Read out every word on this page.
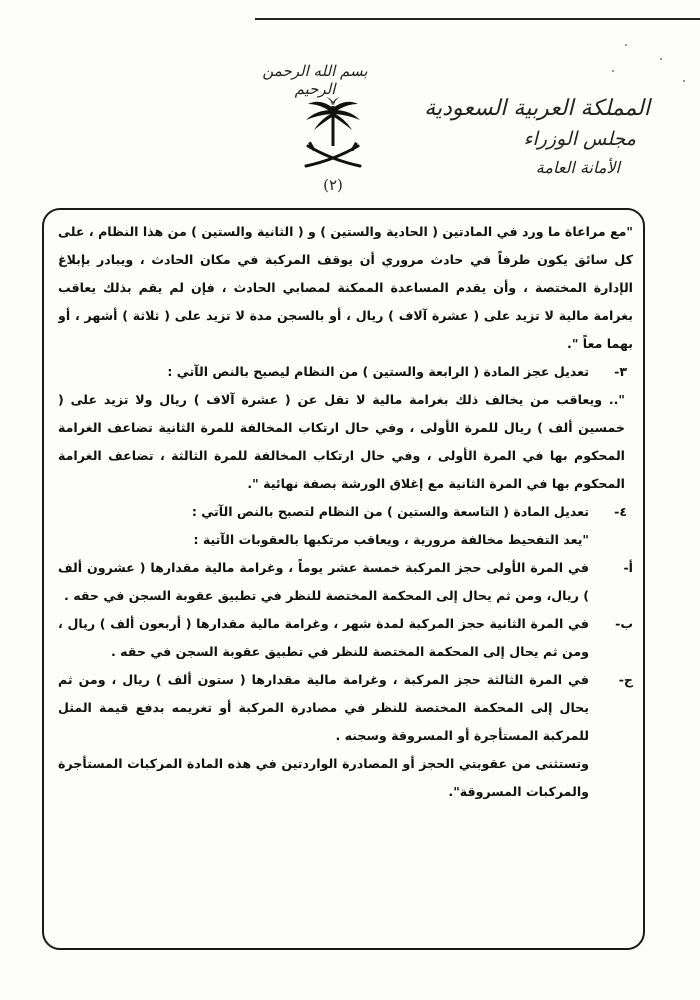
بسم الله الرحمن الرحيم
(٢)
المملكة العربية السعودية
مجلس الوزراء
الأمانة العامة

"مع مراعاة ما ورد في المادتين ( الحادية والستين ) و ( الثانية والستين ) من هذا النظام ، على كل سائق يكون طرفاً في حادث مروري أن يوقف المركبة في مكان الحادث ، ويبادر بإبلاغ الإدارة المختصة ، وأن يقدم المساعدة الممكنة لمصابي الحادث ، فإن لم يقم بذلك يعاقب بغرامة مالية لا تزيد على ( عشرة آلاف ) ريال ، أو بالسجن مدة لا تزيد على ( ثلاثة ) أشهر ، أو بهما معاً ".

٣-

تعديل عجز المادة ( الرابعة والستين ) من النظام ليصبح بالنص الآتي :

".. ويعاقب من يخالف ذلك بغرامة مالية لا تقل عن ( عشرة آلاف ) ريال ولا تزيد على ( خمسين ألف ) ريال للمرة الأولى ، وفي حال ارتكاب المخالفة للمرة الثانية تضاعف الغرامة المحكوم بها في المرة الأولى ، وفي حال ارتكاب المخالفة للمرة الثالثة ، تضاعف الغرامة المحكوم بها في المرة الثانية مع إغلاق الورشة بصفة نهائية ".

٤-

تعديل المادة ( التاسعة والستين ) من النظام لتصبح بالنص الآتي :

"يعد التفحيط مخالفة مرورية ، ويعاقب مرتكبها بالعقوبات الآتية :

أ-

في المرة الأولى حجز المركبة خمسة عشر يوماً ، وغرامة مالية مقدارها ( عشرون ألف ) ريال، ومن ثم يحال إلى المحكمة المختصة للنظر في تطبيق عقوبة السجن في حقه .

ب-

في المرة الثانية حجز المركبة لمدة شهر ، وغرامة مالية مقدارها ( أربعون ألف ) ريال ، ومن ثم يحال إلى المحكمة المختصة للنظر في تطبيق عقوبة السجن في حقه .

ج-

في المرة الثالثة حجز المركبة ، وغرامة مالية مقدارها ( ستون ألف ) ريال ، ومن ثم يحال إلى المحكمة المختصة للنظر في مصادرة المركبة أو تغريمه بدفع قيمة المثل للمركبة المستأجرة أو المسروقة وسجنه .

وتستثنى من عقوبتي الحجز أو المصادرة الواردتين في هذه المادة المركبات المستأجرة والمركبات المسروقة".
